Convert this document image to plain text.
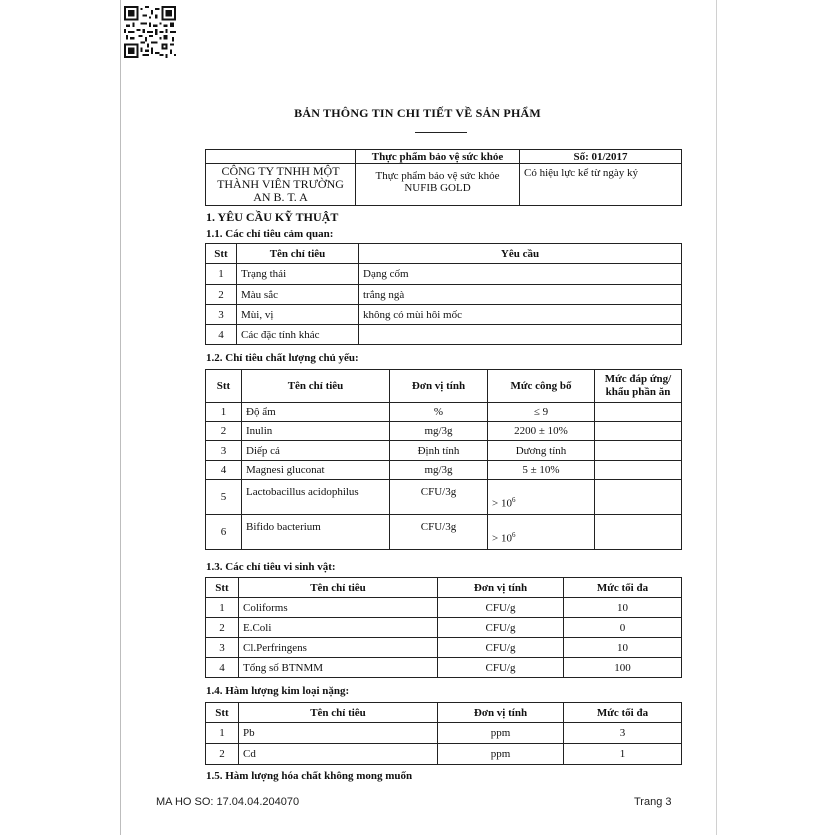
BẢN THÔNG TIN CHI TIẾT VỀ SẢN PHẨM
	Thực phẩm bảo vệ sức khỏe	Số: 01/2017
CÔNG TY TNHH MỘT THÀNH VIÊN TRƯỜNG AN B. T. A	Thực phẩm bảo vệ sức khỏe NUFIB GOLD	Có hiệu lực kể từ ngày ký
1. YÊU CẦU KỸ THUẬT
1.1. Các chỉ tiêu cảm quan:
Stt	Tên chỉ tiêu	Yêu cầu
1	Trạng thái	Dạng cốm
2	Màu sắc	trắng ngà
3	Mùi, vị	không có mùi hôi mốc
4	Các đặc tính khác	
1.2. Chỉ tiêu chất lượng chủ yếu:
Stt	Tên chỉ tiêu	Đơn vị tính	Mức công bố	Mức đáp ứng/ khẩu phần ăn
1	Độ ẩm	%	≤ 9	
2	Inulin	mg/3g	2200 ± 10%	
3	Diếp cá	Định tính	Dương tính	
4	Magnesi gluconat	mg/3g	5 ± 10%	
5	Lactobacillus acidophilus	CFU/3g	> $10^6$	
6	Bifido bacterium	CFU/3g	> $10^6$	
1.3. Các chỉ tiêu vi sinh vật:
Stt	Tên chỉ tiêu	Đơn vị tính	Mức tối đa
1	Coliforms	CFU/g	10
2	E.Coli	CFU/g	0
3	Cl.Perfringens	CFU/g	10
4	Tổng số BTNMM	CFU/g	100
1.4. Hàm lượng kim loại nặng:
Stt	Tên chỉ tiêu	Đơn vị tính	Mức tối đa
1	Pb	ppm	3
2	Cd	ppm	1
1.5. Hàm lượng hóa chất không mong muốn
MA HO SO: 17.04.04.204070	Trang 3
